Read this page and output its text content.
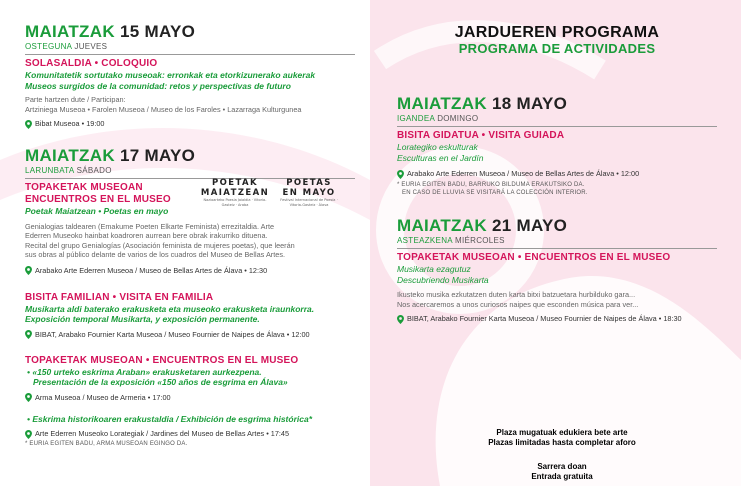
MAIATZAK 15 MAYO
OSTEGUNA JUEVES
SOLASALDIA • COLOQUIO
Komunitatetik sortutako museoak: erronkak eta etorkizunerako aukerak
Museos surgidos de la comunidad: retos y perspectivas de futuro
Parte hartzen dute / Participan:
Artziniega Museoa • Farolen Museoa / Museo de los Faroles • Lazarraga Kulturgunea
Bibat Museoa • 19:00
MAIATZAK 17 MAYO
LARUNBATA SÁBADO
TOPAKETAK MUSEOAN
ENCUENTROS EN EL MUSEO
Poetak Maiatzean • Poetas en mayo
POETAK
MAIATZEAN
Nazioarteko Poesia Jaialdia · Vitoria-Gasteiz · Araba
POETAS
EN MAYO
Festival Internacional de Poesía · Vitoria-Gasteiz · Álava
Genialogias taldearen (Emakume Poeten Elkarte Feminista) errezitaldia. Arte
Ederren Museoko hainbat koadroren aurrean bere obrak irakurriko dituena.
Recital del grupo Genialogías (Asociación feminista de mujeres poetas), que leerán
sus obras al público delante de varios de los cuadros del Museo de Bellas Artes.
Arabako Arte Ederren Museoa / Museo de Bellas Artes de Álava • 12:30
BISITA FAMILIAN • VISITA EN FAMILIA
Musikarta aldi baterako erakusketa eta museoko erakusketa iraunkorra.
Exposición temporal Musikarta, y exposición permanente.
BIBAT, Arabako Fournier Karta Museoa / Museo Fournier de Naipes de Álava • 12:00
TOPAKETAK MUSEOAN • ENCUENTROS EN EL MUSEO
• «150 urteko eskrima Araban» erakusketaren aurkezpena.
Presentación de la exposición «150 años de esgrima en Álava»
Arma Museoa / Museo de Armeria • 17:00
• Eskrima historikoaren erakustaldia / Exhibición de esgrima histórica*
Arte Ederren Museoko Lorategiak / Jardines del Museo de Bellas Artes • 17:45
* EURIA EGITEN BADU, ARMA MUSEOAN EGINGO DA.
JARDUEREN PROGRAMA
PROGRAMA DE ACTIVIDADES
MAIATZAK 18 MAYO
IGANDEA DOMINGO
BISITA GIDATUA • VISITA GUIADA
Lorategiko eskulturak
Esculturas en el Jardín
Arabako Arte Ederren Museoa / Museo de Bellas Artes de Álava • 12:00
* EURIA EGITEN BADU, BARRUKO BILDUMA ERAKUTSIKO DA.
EN CASO DE LLUVIA SE VISITARÁ LA COLECCIÓN INTERIOR.
MAIATZAK 21 MAYO
ASTEAZKENA MIÉRCOLES
TOPAKETAK MUSEOAN • ENCUENTROS EN EL MUSEO
Musikarta ezagutuz
Descubriendo Musikarta
Ikusteko musika ezkutatzen duten karta bitxi batzuetara hurbilduko gara...
Nos acercaremos a unos curiosos naipes que esconden música para ver...
BIBAT, Arabako Fournier Karta Museoa / Museo Fournier de Naipes de Álava • 18:30
Plaza mugatuak edukiera bete arte
Plazas limitadas hasta completar aforo
Sarrera doan
Entrada gratuita
